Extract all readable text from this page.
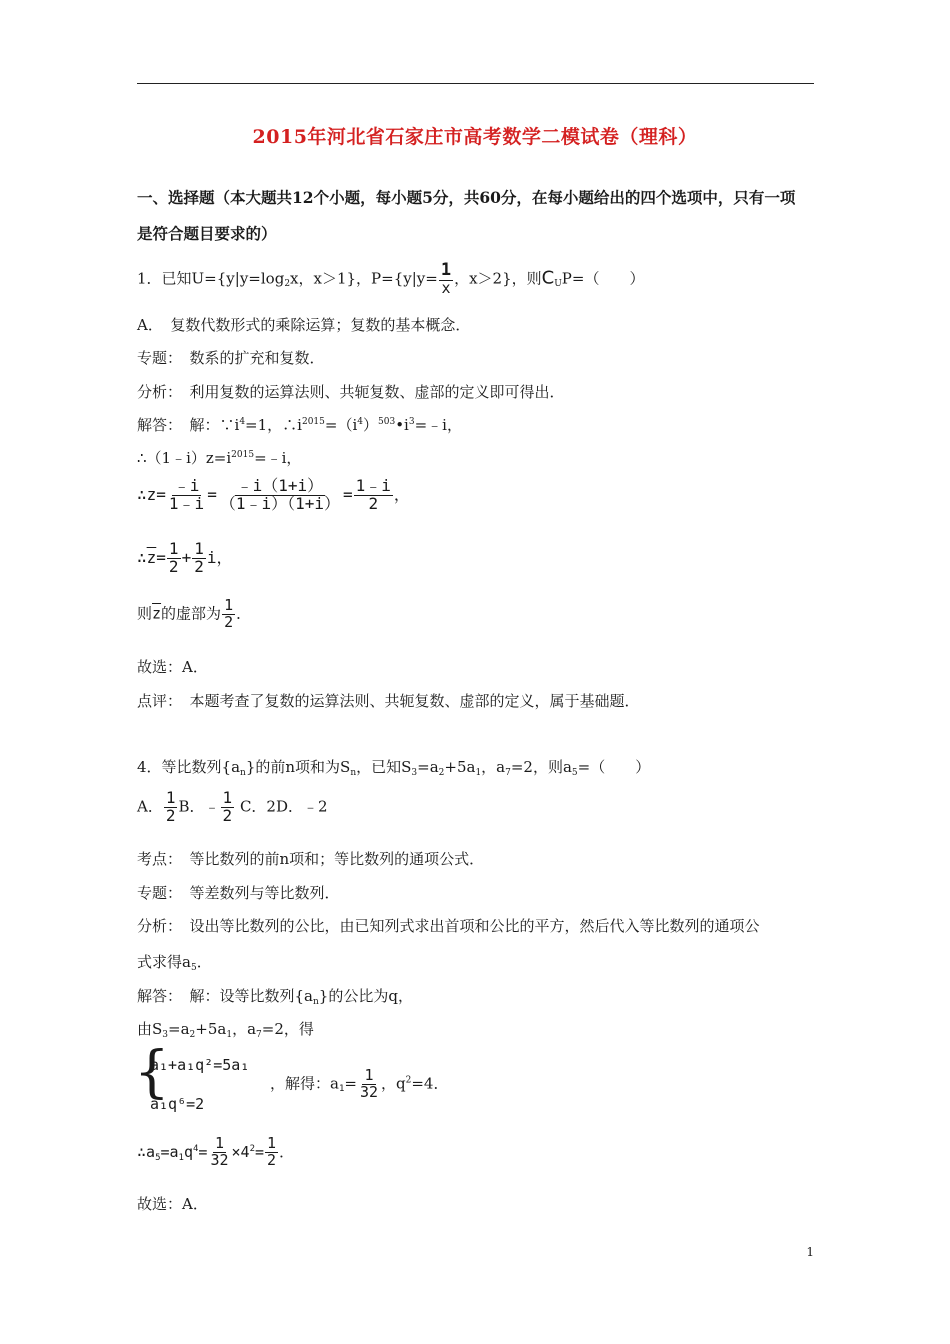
2015年河北省石家庄市高考数学二模试卷（理科）
一、选择题（本大题共12个小题，每小题5分，共60分，在每小题给出的四个选项中，只有一项
是符合题目要求的）
1．已知$U=\{y|y=\log_2x$，x＞1}，$P=\{y|y= \frac{1}{x}$ ，x＞2}，则$C_UP=$（　　）
A．　复数代数形式的乘除运算；复数的基本概念．
专题：　数系的扩充和复数．
分析：　利用复数的运算法则、共轭复数、虚部的定义即可得出．
解答：　解：$\because i^4=1$，$\therefore i^{2015}=(i^4)^{503}•i^3=﹣i$，
$\therefore(1﹣i)z=i^{2015}=﹣i$，
∴z= $\frac{﹣i}{1﹣i} = \frac{﹣i(1+i)}{(1﹣i)(1+i)} = \frac{1﹣i}{2}$ ，
$\therefore\overline{z}= \frac{1}{2} + \frac{1}{2}$ i，
则$\overline{z}$的虚部为 $\frac{1}{2}$ ．
故选：A．
点评：　本题考查了复数的运算法则、共轭复数、虚部的定义，属于基础题．
4．等比数列$\{a_n\}$的前n项和为$S_n$，已知$S_3=a_2+5a_1$，$a_7=2$，则$a_5=$（　　）
A． $\frac{1}{2}$ B．﹣ $\frac{1}{2}$ C．2D．﹣2
考点：　等比数列的前n项和；等比数列的通项公式．
专题：　等差数列与等比数列．
分析：　设出等比数列的公比，由已知列式求出首项和公比的平方，然后代入等比数列的通项公
式求得$a_5$．
解答：　解：设等比数列$\{a_n\}$的公比为q，
由$S_3=a_2+5a_1$，$a_7=2$，得
{
a₁+a₁q²=5a₁
a₁q⁶=2
，解得：$a_1= \frac{1}{32}$ ，$q^2=4$．
$\therefore a_5=a_1q^4= \frac{1}{32} \times 4^2= \frac{1}{2}$ ．
故选：A．
1
